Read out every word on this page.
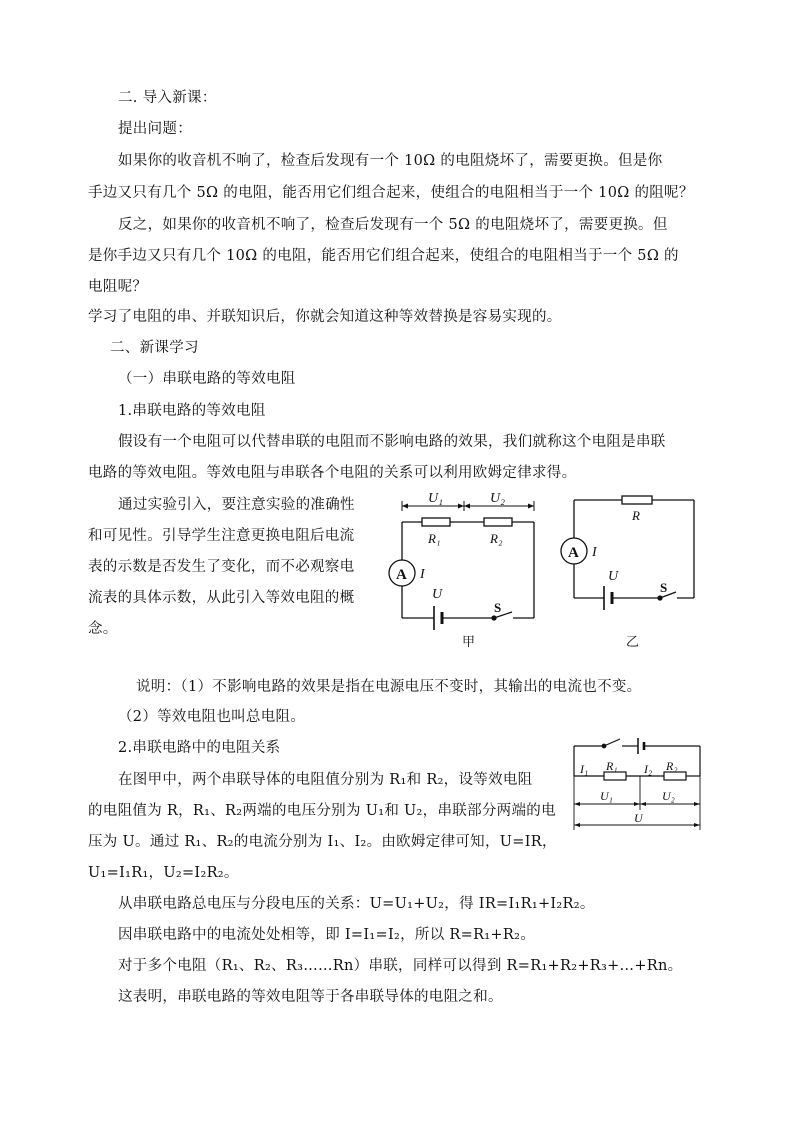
二. 导入新课：
提出问题：
如果你的收音机不响了，检查后发现有一个 10Ω 的电阻烧坏了，需要更换。但是你
手边又只有几个 5Ω 的电阻，能否用它们组合起来，使组合的电阻相当于一个 10Ω 的阻呢？
反之，如果你的收音机不响了，检查后发现有一个 5Ω 的电阻烧坏了，需要更换。但
是你手边又只有几个 10Ω 的电阻，能否用它们组合起来，使组合的电阻相当于一个 5Ω 的
电阻呢？
学习了电阻的串、并联知识后，你就会知道这种等效替换是容易实现的。
二、新课学习
（一）串联电路的等效电阻
1.串联电路的等效电阻
假设有一个电阻可以代替串联的电阻而不影响电路的效果，我们就称这个电阻是串联
电路的等效电阻。等效电阻与串联各个电阻的关系可以利用欧姆定律求得。
通过实验引入，要注意实验的准确性
和可见性。引导学生注意更换电阻后电流
表的示数是否发生了变化，而不必观察电
流表的具体示数，从此引入等效电阻的概
念。
说明：（1）不影响电路的效果是指在电源电压不变时，其输出的电流也不变。
（2）等效电阻也叫总电阻。
2.串联电路中的电阻关系
在图甲中，两个串联导体的电阻值分别为 R₁和 R₂，设等效电阻
的电阻值为 R，R₁、R₂两端的电压分别为 U₁和 U₂，串联部分两端的电
压为 U。通过 R₁、R₂的电流分别为 I₁、I₂。由欧姆定律可知，U=IR，
U₁=I₁R₁，U₂=I₂R₂。
从串联电路总电压与分段电压的关系：U=U₁+U₂，得 IR=I₁R₁+I₂R₂。
因串联电路中的电流处处相等，即 I=I₁=I₂，所以 R=R₁+R₂。
对于多个电阻（R₁、R₂、R₃……Rn）串联，同样可以得到 R=R₁+R₂+R₃+…+Rn。
这表明，串联电路的等效电阻等于各串联导体的电阻之和。
U₁	U₂
R₁	R₂
A I
U
S
甲
R
A I
U
S
乙
I₁ R₁ I₂ R₂
U₁	U₂
U
